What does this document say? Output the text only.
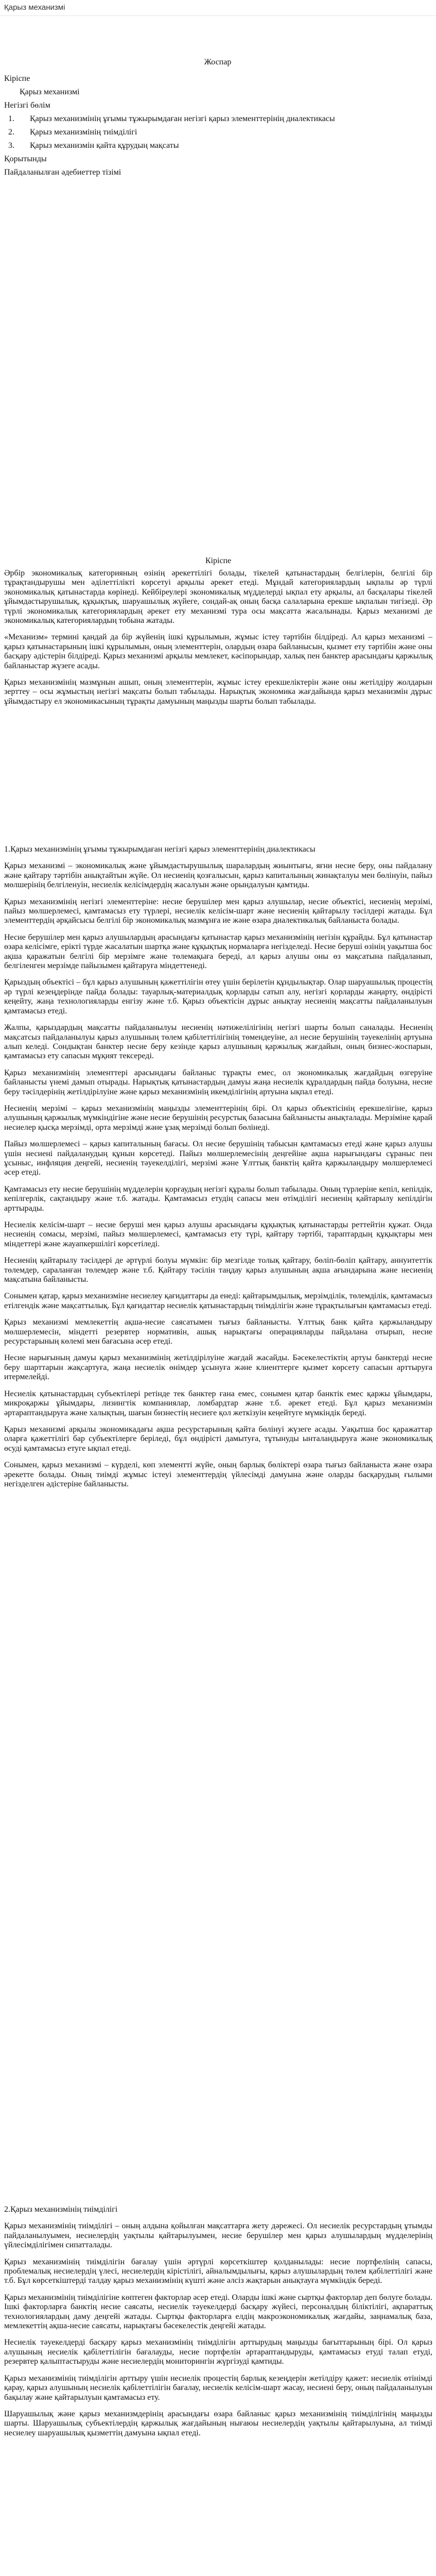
Қарыз механизмі
Жоспар
Кіріспе
Қарыз механизмі
Негізгі бөлім
1. Қарыз механизмінің ұғымы тұжырымдаған негізгі қарыз элементтерінің диалектикасы
2. Қарыз механизмінің тиімділігі
3. Қарыз механизмін қайта құрудың мақсаты
Қорытынды
Пайдаланылған әдебиеттер тізімі
Кіріспе

Әрбір экономикалық категорияның өзінің әрекеттілігі болады, тікелей қатынастардың белгілерін, белгілі бір тұрақтандырушы мен әділеттілікті көрсетуі арқылы әрекет етеді. Мұндай категориялардың ықпалы әр түрлі экономикалық қатынастарда көрінеді. Кейбіреулері экономикалық мүдделерді ықпал ету арқылы, ал басқалары тікелей ұйымдастырушылық, құқықтық, шаруашылық жүйеге, сондай-ақ оның басқа салаларына ерекше ықпалын тигізеді. Әр түрлі экономикалық категориялардың әрекет ету механизмі тура осы мақсатта жасалынады. Қарыз механизмі де экономикалық категориялардың тобына жатады.

«Механизм» термині қандай да бір жүйенің ішкі құрылымын, жұмыс істеу тәртібін білдіреді. Ал қарыз механизмі – қарыз қатынастарының ішкі құрылымын, оның элементтерін, олардың өзара байланысын, қызмет ету тәртібін және оны басқару әдістерін білдіреді. Қарыз механизмі арқылы мемлекет, кәсіпорындар, халық пен банктер арасындағы қаржылық байланыстар жүзеге асады.

Қарыз механизмінің мазмұнын ашып, оның элементтерін, жұмыс істеу ерекшеліктерін және оны жетілдіру жолдарын зерттеу – осы жұмыстың негізгі мақсаты болып табылады. Нарықтық экономика жағдайында қарыз механизмін дұрыс ұйымдастыру ел экономикасының тұрақты дамуының маңызды шарты болып табылады.

1.Қарыз механизмінің ұғымы тұжырымдаған негізгі қарыз элементтерінің диалектикасы

Қарыз механизмі – экономикалық және ұйымдастырушылық шаралардың жиынтығы, яғни несие беру, оны пайдалану және қайтару тәртібін анықтайтын жүйе. Ол несиенің қозғалысын, қарыз капиталының жинақталуы мен бөлінуін, пайыз мөлшерінің белгіленуін, несиелік келісімдердің жасалуын және орындалуын қамтиды.

Қарыз механизмінің негізгі элементтеріне: несие берушілер мен қарыз алушылар, несие объектісі, несиенің мерзімі, пайыз мөлшерлемесі, қамтамасыз ету түрлері, несиелік келісім-шарт және несиенің қайтарылу тәсілдері жатады. Бұл элементтердің әрқайсысы белгілі бір экономикалық мазмұнға ие және өзара диалектикалық байланыста болады.

Несие берушілер мен қарыз алушылардың арасындағы қатынастар қарыз механизмінің негізін құрайды. Бұл қатынастар өзара келісімге, ерікті түрде жасалатын шартқа және құқықтық нормаларға негізделеді. Несие беруші өзінің уақытша бос ақша қаражатын белгілі бір мерзімге және төлемақыға береді, ал қарыз алушы оны өз мақсатына пайдаланып, белгіленген мерзімде пайызымен қайтаруға міндеттенеді.

Қарыздың объектісі – бұл қарыз алушының қажеттілігін өтеу үшін берілетін құндылықтар. Олар шаруашылық процестің әр түрлі кезеңдерінде пайда болады: тауарлық-материалдық қорларды сатып алу, негізгі қорларды жаңарту, өндірісті кеңейту, жаңа технологияларды енгізу және т.б. Қарыз объектісін дұрыс анықтау несиенің мақсатты пайдаланылуын қамтамасыз етеді.

Жалпы, қарыздардың мақсатты пайдаланылуы несиенің нәтижелілігінің негізгі шарты болып саналады. Несиенің мақсатсыз пайдаланылуы қарыз алушының төлем қабілеттілігінің төмендеуіне, ал несие берушінің тәуекелінің артуына алып келеді. Сондықтан банктер несие беру кезінде қарыз алушының қаржылық жағдайын, оның бизнес-жоспарын, қамтамасыз ету сапасын мұқият тексереді.

Қарыз механизмінің элементтері арасындағы байланыс тұрақты емес, ол экономикалық жағдайдың өзгеруіне байланысты үнемі дамып отырады. Нарықтық қатынастардың дамуы жаңа несиелік құралдардың пайда болуына, несие беру тәсілдерінің жетілдірілуіне және қарыз механизмінің икемділігінің артуына ықпал етеді.

Несиенің мерзімі – қарыз механизмінің маңызды элементтерінің бірі. Ол қарыз объектісінің ерекшелігіне, қарыз алушының қаржылық мүмкіндігіне және несие берушінің ресурстық базасына байланысты анықталады. Мерзіміне қарай несиелер қысқа мерзімді, орта мерзімді және ұзақ мерзімді болып бөлінеді.

Пайыз мөлшерлемесі – қарыз капиталының бағасы. Ол несие берушінің табысын қамтамасыз етеді және қарыз алушы үшін несиені пайдаланудың құнын көрсетеді. Пайыз мөлшерлемесінің деңгейіне ақша нарығындағы сұраныс пен ұсыныс, инфляция деңгейі, несиенің тәуекелділігі, мерзімі және Ұлттық банктің қайта қаржыландыру мөлшерлемесі әсер етеді.

Қамтамасыз ету несие берушінің мүдделерін қорғаудың негізгі құралы болып табылады. Оның түрлеріне кепіл, кепілдік, кепілгерлік, сақтандыру және т.б. жатады. Қамтамасыз етудің сапасы мен өтімділігі несиенің қайтарылу кепілдігін арттырады.

Несиелік келісім-шарт – несие беруші мен қарыз алушы арасындағы құқықтық қатынастарды реттейтін құжат. Онда несиенің сомасы, мерзімі, пайыз мөлшерлемесі, қамтамасыз ету түрі, қайтару тәртібі, тараптардың құқықтары мен міндеттері және жауапкершілігі көрсетіледі.

Несиенің қайтарылу тәсілдері де әртүрлі болуы мүмкін: бір мезгілде толық қайтару, бөліп-бөліп қайтару, аннуитеттік төлемдер, сараланған төлемдер және т.б. Қайтару тәсілін таңдау қарыз алушының ақша ағындарына және несиенің мақсатына байланысты.

Сонымен қатар, қарыз механизміне несиелеу қағидаттары да енеді: қайтарымдылық, мерзімділік, төлемділік, қамтамасыз етілгендік және мақсаттылық. Бұл қағидаттар несиелік қатынастардың тиімділігін және тұрақтылығын қамтамасыз етеді.

Қарыз механизмі мемлекеттің ақша-несие саясатымен тығыз байланысты. Ұлттық банк қайта қаржыландыру мөлшерлемесін, міндетті резервтер нормативін, ашық нарықтағы операцияларды пайдалана отырып, несие ресурстарының көлемі мен бағасына әсер етеді.

Несие нарығының дамуы қарыз механизмінің жетілдірілуіне жағдай жасайды. Бәсекелестіктің артуы банктерді несие беру шарттарын жақсартуға, жаңа несиелік өнімдер ұсынуға және клиенттерге қызмет көрсету сапасын арттыруға итермелейді.

Несиелік қатынастардың субъектілері ретінде тек банктер ғана емес, сонымен қатар банктік емес қаржы ұйымдары, микроқаржы ұйымдары, лизингтік компаниялар, ломбардтар және т.б. әрекет етеді. Бұл қарыз механизмін әртараптандыруға және халықтың, шағын бизнестің несиеге қол жеткізуін кеңейтуге мүмкіндік береді.

Қарыз механизмі арқылы экономикадағы ақша ресурстарының қайта бөлінуі жүзеге асады. Уақытша бос қаражаттар оларға қажеттілігі бар субъектілерге беріледі, бұл өндірісті дамытуға, тұтынуды ынталандыруға және экономикалық өсуді қамтамасыз етуге ықпал етеді.

Сонымен, қарыз механизмі – күрделі, көп элементті жүйе, оның барлық бөліктері өзара тығыз байланыста және өзара әрекетте болады. Оның тиімді жұмыс істеуі элементтердің үйлесімді дамуына және оларды басқарудың ғылыми негізделген әдістеріне байланысты.

2.Қарыз механизмінің тиімділігі

Қарыз механизмінің тиімділігі – оның алдына қойылған мақсаттарға жету дәрежесі. Ол несиелік ресурстардың ұтымды пайдаланылуымен, несиелердің уақтылы қайтарылуымен, несие берушілер мен қарыз алушылардың мүдделерінің үйлесімділігімен сипатталады.

Қарыз механизмінің тиімділігін бағалау үшін әртүрлі көрсеткіштер қолданылады: несие портфелінің сапасы, проблемалық несиелердің үлесі, несиелердің кірістілігі, айналымдылығы, қарыз алушылардың төлем қабілеттілігі және т.б. Бұл көрсеткіштерді талдау қарыз механизмінің күшті және әлсіз жақтарын анықтауға мүмкіндік береді.

Қарыз механизмінің тиімділігіне көптеген факторлар әсер етеді. Оларды ішкі және сыртқы факторлар деп бөлуге болады. Ішкі факторларға банктің несие саясаты, несиелік тәуекелдерді басқару жүйесі, персоналдың біліктілігі, ақпараттық технологиялардың даму деңгейі жатады. Сыртқы факторларға елдің макроэкономикалық жағдайы, заңнамалық база, мемлекеттің ақша-несие саясаты, нарықтағы бәсекелестік деңгейі жатады.

Несиелік тәуекелдерді басқару қарыз механизмінің тиімділігін арттырудың маңызды бағыттарының бірі. Ол қарыз алушының несиелік қабілеттілігін бағалауды, несие портфелін әртараптандыруды, қамтамасыз етуді талап етуді, резервтер қалыптастыруды және несиелердің мониторингін жүргізуді қамтиды.

Қарыз механизмінің тиімділігін арттыру үшін несиелік процестің барлық кезеңдерін жетілдіру қажет: несиелік өтінімді қарау, қарыз алушының несиелік қабілеттілігін бағалау, несиелік келісім-шарт жасау, несиені беру, оның пайдаланылуын бақылау және қайтарылуын қамтамасыз ету.

Шаруашылық және қарыз механизмдерінің арасындағы өзара байланыс қарыз механизмінің тиімділігінің маңызды шарты. Шаруашылық субъектілердің қаржылық жағдайының нығаюы несиелердің уақтылы қайтарылуына, ал тиімді несиелеу шаруашылық қызметтің дамуына ықпал етеді.
